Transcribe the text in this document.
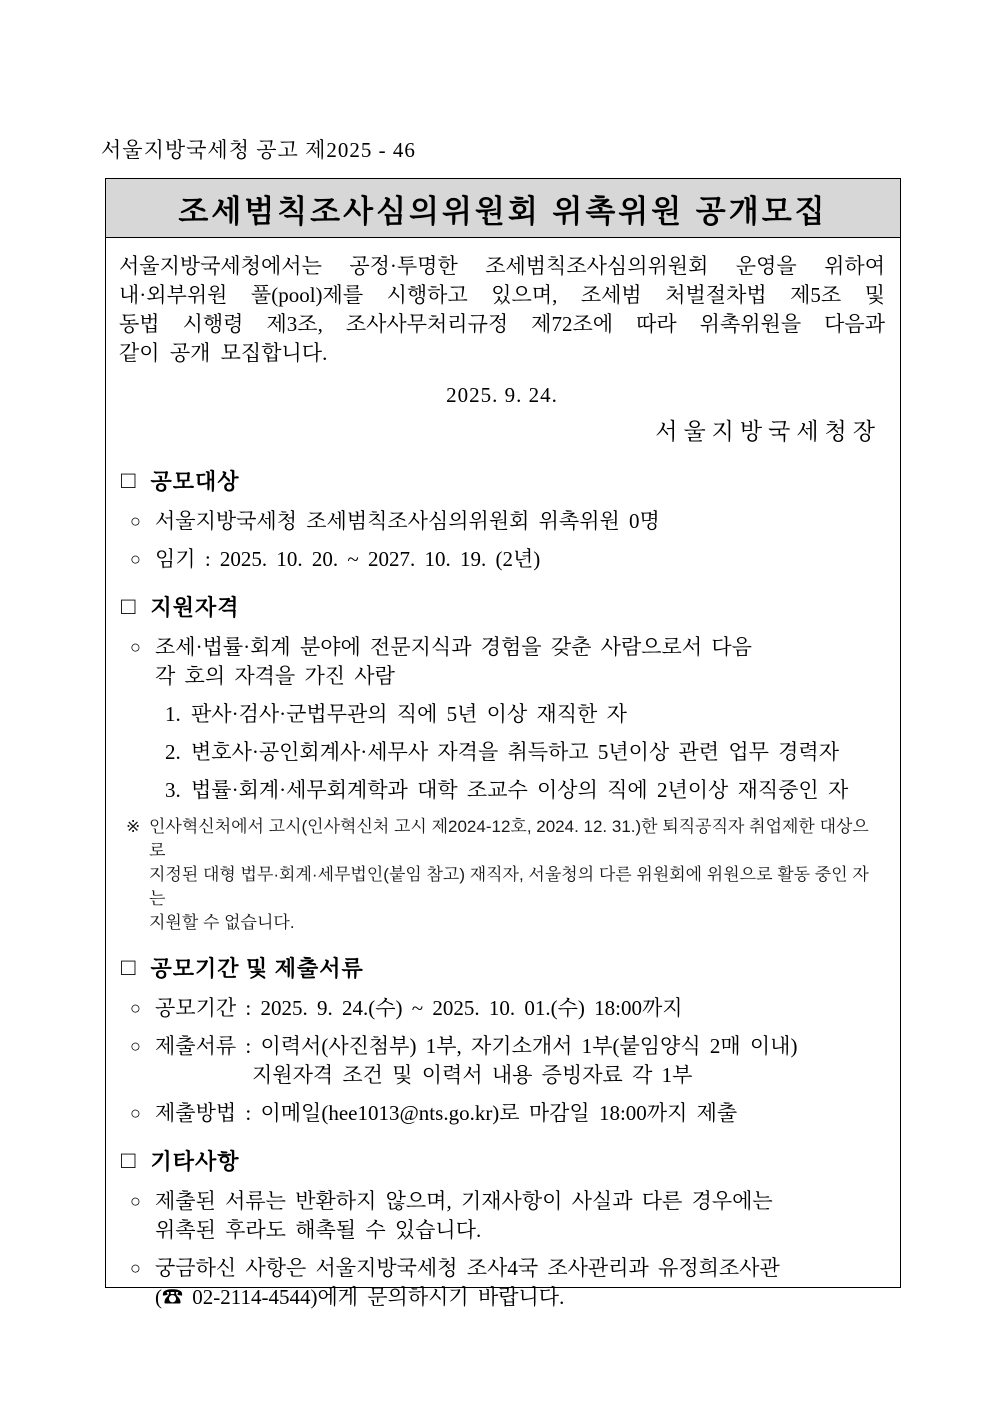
서울지방국세청 공고 제2025 - 46
조세범칙조사심의위원회 위촉위원 공개모집
서울지방국세청에서는 공정·투명한 조세범칙조사심의위원회 운영을 위하여
내·외부위원 풀(pool)제를 시행하고 있으며, 조세범 처벌절차법 제5조 및
동법 시행령 제3조, 조사사무처리규정 제72조에 따라 위촉위원을 다음과
같이 공개 모집합니다.
2025. 9. 24.
서울지방국세청장
□ 공모대상
○ 서울지방국세청 조세범칙조사심의위원회 위촉위원 0명
○ 임기 : 2025. 10. 20. ~ 2027. 10. 19. (2년)
□ 지원자격
○ 조세·법률·회계 분야에 전문지식과 경험을 갖춘 사람으로서 다음
각 호의 자격을 가진 사람
1. 판사·검사·군법무관의 직에 5년 이상 재직한 자
2. 변호사·공인회계사·세무사 자격을 취득하고 5년이상 관련 업무 경력자
3. 법률·회계·세무회계학과 대학 조교수 이상의 직에 2년이상 재직중인 자
※ 인사혁신처에서 고시(인사혁신처 고시 제2024-12호, 2024. 12. 31.)한 퇴직공직자 취업제한 대상으로
지정된 대형 법무·회계·세무법인(붙임 참고) 재직자, 서울청의 다른 위원회에 위원으로 활동 중인 자는
지원할 수 없습니다.
□ 공모기간 및 제출서류
○ 공모기간 : 2025. 9. 24.(수) ~ 2025. 10. 01.(수) 18:00까지
○ 제출서류 : 이력서(사진첨부) 1부, 자기소개서 1부(붙임양식 2매 이내)
지원자격 조건 및 이력서 내용 증빙자료 각 1부
○ 제출방법 : 이메일(hee1013@nts.go.kr)로 마감일 18:00까지 제출
□ 기타사항
○ 제출된 서류는 반환하지 않으며, 기재사항이 사실과 다른 경우에는
위촉된 후라도 해촉될 수 있습니다.
○ 궁금하신 사항은 서울지방국세청 조사4국 조사관리과 유정희조사관
(☎ 02-2114-4544)에게 문의하시기 바랍니다.
